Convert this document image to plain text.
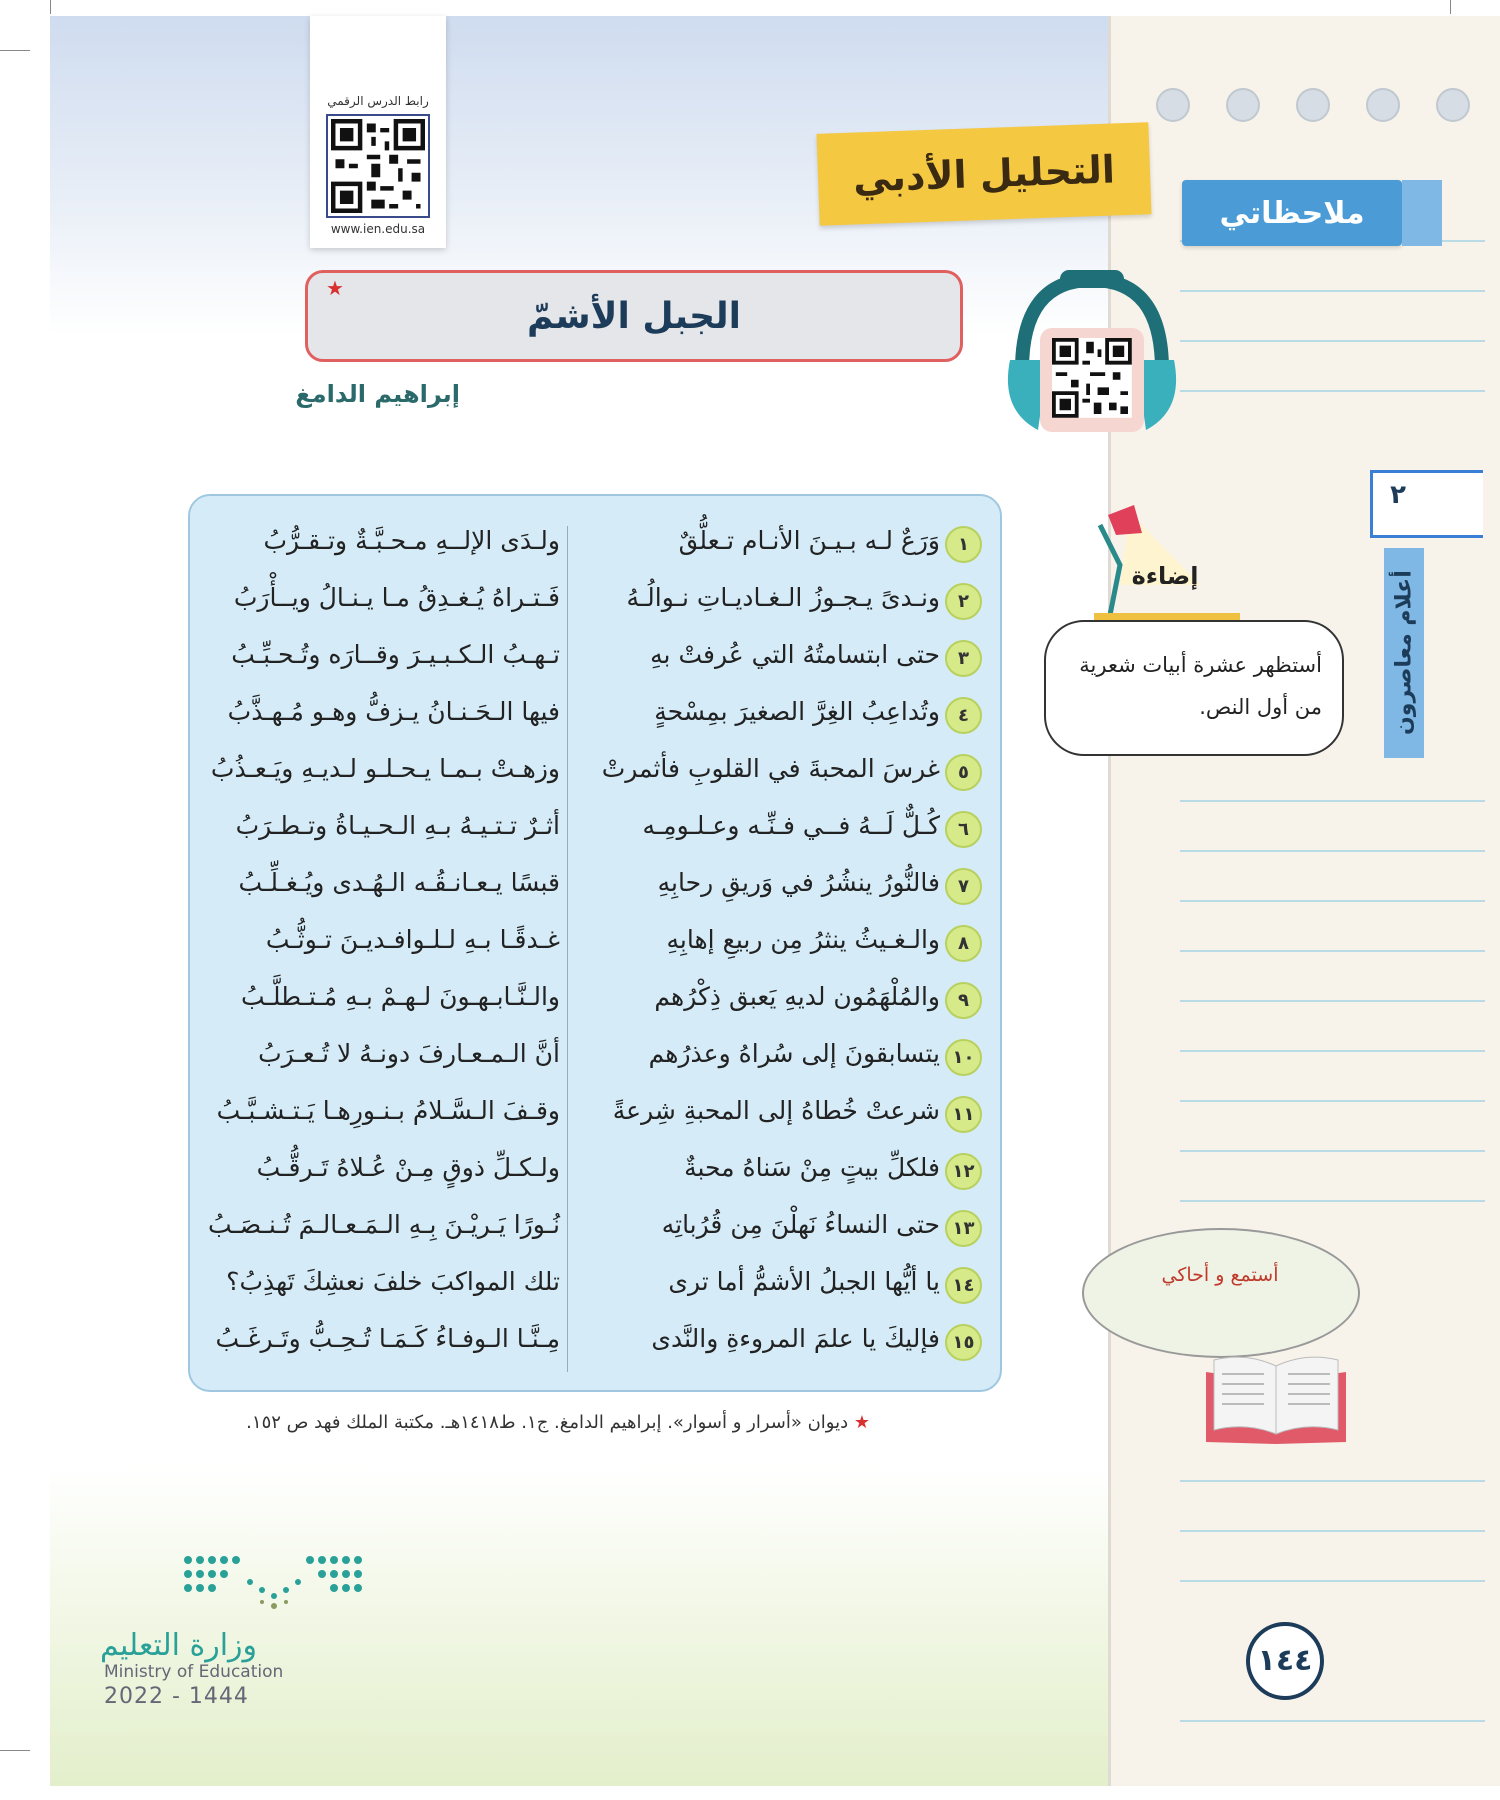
رابط الدرس الرقمي
www.ien.edu.sa
التحليل الأدبي
ملاحظاتي
الجبل الأشمّ
★
إبراهيم الدامغ
٢
أعلام معاصرون
إضاءة
أستظهر عشرة أبيات شعرية من أول النص.
١
وَرَعٌ لـه بـيـنَ الأنـام تـعلُّقٌ
ولـدَى الإلــهِ مـحـبَّـةٌ وتـقـرُّبُ
٢
ونـدىً يـجـوزُ الـغـاديـاتِ نـوالُـهُ
فَـتـراهُ يُـغـدِقُ مـا يـنـالُ ويــأْرَبُ
٣
حتى ابتسامتُهُ التي عُرفتْ بهِ
تـهـبُ الـكـبـيـرَ وقــارَه وتُـحـبِّـبُ
٤
وتُداعِبُ الغِرَّ الصغيرَ بمِسْحةٍ
فيها الـحَـنـانُ يـزفُّ وهـو مُـهـذَّبُ
٥
غرسَ المحبةَ في القلوبِ فأثمرتْ
وزهـتْ بـمـا يـحـلـو لـديـهِ ويَـعـذُبُ
٦
كُـلٌّ لَــهُ فــي فـنِّـه وعـلـومِـه
أثـرٌ تـتـيـهُ بـهِ الـحـيـاةُ وتـطـرَبُ
٧
فالنُّورُ ينشُرُ في وَريقِ رحابِهِ
قبسًا يـعـانـقُـه الـهُـدى ويُـغـلِّـبُ
٨
والـغـيثُ ينثرُ مِن ربيعِ إهابِهِ
غـدقًـا بـهِ لـلـوافـديـنَ تـوثُّـبُ
٩
والمُلْهَمُون لديهِ يَعبق ذِكْرُهم
والـنَّـابـهـونَ لـهـمْ بـهِ مُـتـطلَّـبُ
١٠
يتسابقونَ إلى سُراهُ وعذرُهم
أنَّ الـمـعـارفَ دونـهُ لا تُـعـرَبُ
١١
شرعتْ خُطاهُ إلى المحبةِ شِرعةً
وقـفَ الـسَّـلامُ بـنـورِهـا يَـتـشـبَّـبُ
١٢
فلكلِّ بيتٍ مِنْ سَناهُ محبةٌ
ولـكـلِّ ذوقٍ مِـنْ عُـلاهُ تَـرقُّـبُ
١٣
حتى النساءُ نَهلْنَ مِن قُرُباتِه
نُـورًا يَـريْـنَ بِـهِ الـمَـعـالـمَ تُـنـصَـبُ
١٤
يا أيُّها الجبلُ الأشمُّ أما ترى
تلك المواكبَ خلفَ نعشِكَ تَهذِبُ؟
١٥
فإليكَ يا علمَ المروءةِ والنَّدى
مِـنَّـا الـوفـاءُ كَـمَـا تُـحِـبُّ وتَـرغَـبُ
★ ديوان «أسرار و أسوار». إبراهيم الدامغ. ج١. ط١٤١٨هـ. مكتبة الملك فهد ص ١٥٢.
أستمع و أحاكي
وزارة التعليم
Ministry of Education
2022 - 1444
١٤٤
